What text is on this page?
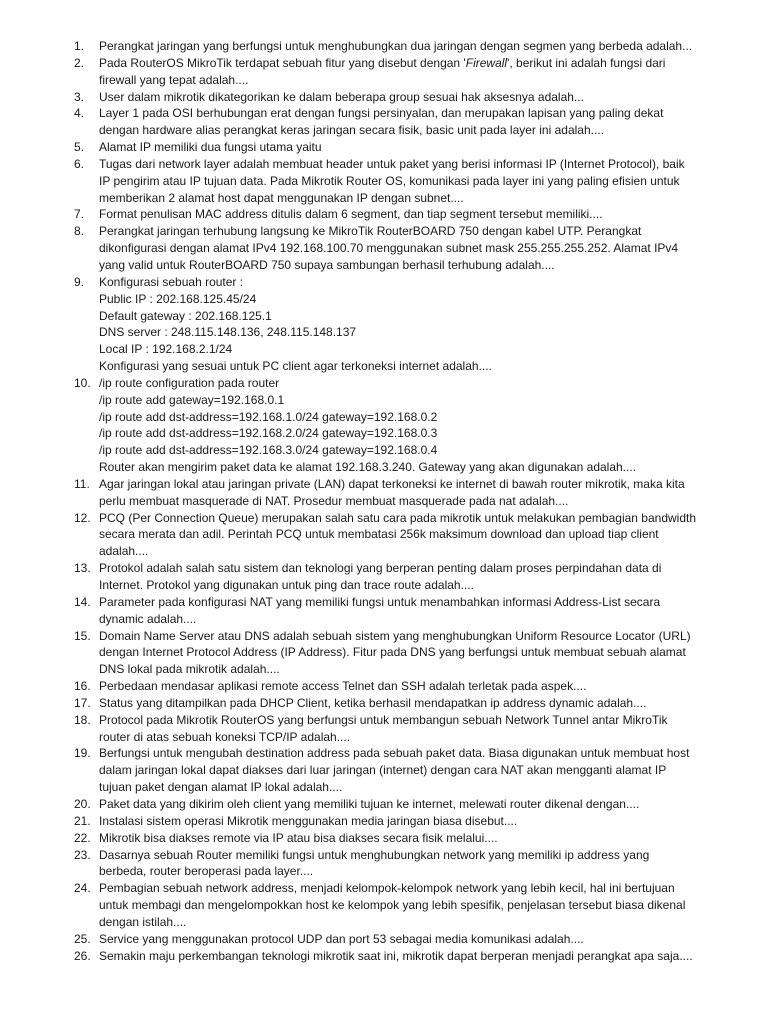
1.	Perangkat jaringan yang berfungsi untuk menghubungkan dua jaringan dengan segmen yang berbeda adalah...
2.	Pada RouterOS MikroTik terdapat sebuah fitur yang disebut dengan 'Firewall', berikut ini adalah fungsi dari
firewall yang tepat adalah....
3.	User dalam mikrotik dikategorikan ke dalam beberapa group sesuai hak aksesnya adalah...
4.	Layer 1 pada OSI berhubungan erat dengan fungsi persinyalan, dan merupakan lapisan yang paling dekat
dengan hardware alias perangkat keras jaringan secara fisik, basic unit pada layer ini adalah....
5.	Alamat IP memiliki dua fungsi utama yaitu
6.	Tugas dari network layer adalah membuat header untuk paket yang berisi informasi IP (Internet Protocol), baik
IP pengirim atau IP tujuan data. Pada Mikrotik Router OS, komunikasi pada layer ini yang paling efisien untuk
memberikan 2 alamat host dapat menggunakan IP dengan subnet....
7.	Format penulisan MAC address ditulis dalam 6 segment, dan tiap segment tersebut memiliki....
8.	Perangkat jaringan terhubung langsung ke MikroTik RouterBOARD 750 dengan kabel UTP. Perangkat
dikonfigurasi dengan alamat IPv4 192.168.100.70 menggunakan subnet mask 255.255.255.252. Alamat IPv4
yang valid untuk RouterBOARD 750 supaya sambungan berhasil terhubung adalah....
9.	Konfigurasi sebuah router :
Public IP : 202.168.125.45/24
Default gateway : 202.168.125.1
DNS server : 248.115.148.136, 248.115.148.137
Local IP : 192.168.2.1/24
Konfigurasi yang sesuai untuk PC client agar terkoneksi internet adalah....
10. /ip route configuration pada router
/ip route add gateway=192.168.0.1
/ip route add dst-address=192.168.1.0/24 gateway=192.168.0.2
/ip route add dst-address=192.168.2.0/24 gateway=192.168.0.3
/ip route add dst-address=192.168.3.0/24 gateway=192.168.0.4
Router akan mengirim paket data ke alamat 192.168.3.240. Gateway yang akan digunakan adalah....
11. Agar jaringan lokal atau jaringan private (LAN) dapat terkoneksi ke internet di bawah router mikrotik, maka kita
perlu membuat masquerade di NAT. Prosedur membuat masquerade pada nat adalah....
12. PCQ (Per Connection Queue) merupakan salah satu cara pada mikrotik untuk melakukan pembagian bandwidth
secara merata dan adil. Perintah PCQ untuk membatasi 256k maksimum download dan upload tiap client
adalah....
13. Protokol adalah salah satu sistem dan teknologi yang berperan penting dalam proses perpindahan data di
Internet. Protokol yang digunakan untuk ping dan trace route adalah....
14. Parameter pada konfigurasi NAT yang memiliki fungsi untuk menambahkan informasi Address-List secara
dynamic adalah....
15. Domain Name Server atau DNS adalah sebuah sistem yang menghubungkan Uniform Resource Locator (URL)
dengan Internet Protocol Address (IP Address). Fitur pada DNS yang berfungsi untuk membuat sebuah alamat
DNS lokal pada mikrotik adalah....
16. Perbedaan mendasar aplikasi remote access Telnet dan SSH adalah terletak pada aspek....
17. Status yang ditampilkan pada DHCP Client, ketika berhasil mendapatkan ip address dynamic adalah....
18. Protocol pada Mikrotik RouterOS yang berfungsi untuk membangun sebuah Network Tunnel antar MikroTik
router di atas sebuah koneksi TCP/IP adalah....
19. Berfungsi untuk mengubah destination address pada sebuah paket data. Biasa digunakan untuk membuat host
dalam jaringan lokal dapat diakses dari luar jaringan (internet) dengan cara NAT akan mengganti alamat IP
tujuan paket dengan alamat IP lokal adalah....
20. Paket data yang dikirim oleh client yang memiliki tujuan ke internet, melewati router dikenal dengan....
21. Instalasi sistem operasi Mikrotik menggunakan media jaringan biasa disebut....
22. Mikrotik bisa diakses remote via IP atau bisa diakses secara fisik melalui....
23. Dasarnya sebuah Router memiliki fungsi untuk menghubungkan network yang memiliki ip address yang
berbeda, router beroperasi pada layer....
24. Pembagian sebuah network address, menjadi kelompok-kelompok network yang lebih kecil, hal ini bertujuan
untuk membagi dan mengelompokkan host ke kelompok yang lebih spesifik, penjelasan tersebut biasa dikenal
dengan istilah....
25. Service yang menggunakan protocol UDP dan port 53 sebagai media komunikasi adalah....
26. Semakin maju perkembangan teknologi mikrotik saat ini, mikrotik dapat berperan menjadi perangkat apa saja....
